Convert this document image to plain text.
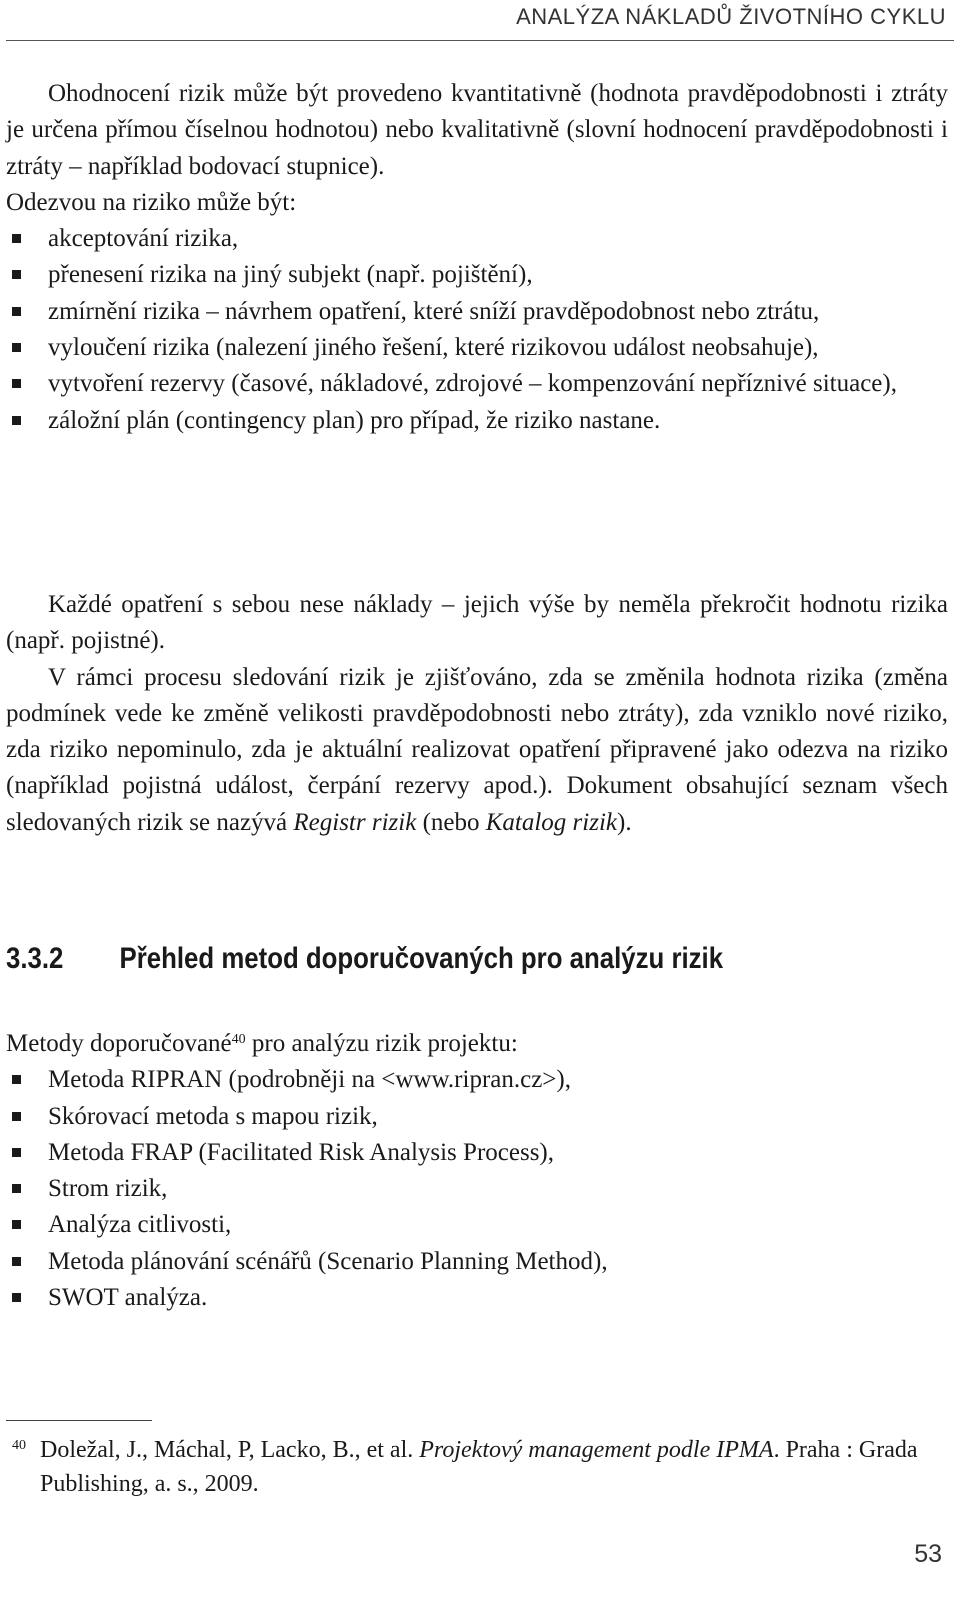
ANALÝZA NÁKLADŮ ŽIVOTNÍHO CYKLU

Ohodnocení rizik může být provedeno kvantitativně (hodnota pravděpodobnosti i ztráty je určena přímou číselnou hodnotou) nebo kvalitativně (slovní hodnocení pravděpodobnosti i ztráty – například bodovací stupnice).

Odezvou na riziko může být:

akceptování rizika,
přenesení rizika na jiný subjekt (např. pojištění),
zmírnění rizika – návrhem opatření, které sníží pravděpodobnost nebo ztrátu,
vyloučení rizika (nalezení jiného řešení, které rizikovou událost neobsahuje),
vytvoření rezervy (časové, nákladové, zdrojové – kompenzování nepříznivé situace),
záložní plán (contingency plan) pro případ, že riziko nastane.

Každé opatření s sebou nese náklady – jejich výše by neměla překročit hodnotu rizika (např. pojistné).

V rámci procesu sledování rizik je zjišťováno, zda se změnila hodnota rizika (změna podmínek vede ke změně velikosti pravděpodobnosti nebo ztráty), zda vzniklo nové riziko, zda riziko nepominulo, zda je aktuální realizovat opatření připravené jako odezva na riziko (například pojistná událost, čerpání rezervy apod.). Dokument obsahující seznam všech sledovaných rizik se nazývá Registr rizik (nebo Katalog rizik).

3.3.2 Přehled metod doporučovaných pro analýzu rizik

Metody doporučované$^{40}$ pro analýzu rizik projektu:

Metoda RIPRAN (podrobněji na <www.ripran.cz>),
Skórovací metoda s mapou rizik,
Metoda FRAP (Facilitated Risk Analysis Process),
Strom rizik,
Analýza citlivosti,
Metoda plánování scénářů (Scenario Planning Method),
SWOT analýza.
40 Doležal, J., Máchal, P, Lacko, B., et al. Projektový management podle IPMA. Praha : Grada Publishing, a. s., 2009.
53
